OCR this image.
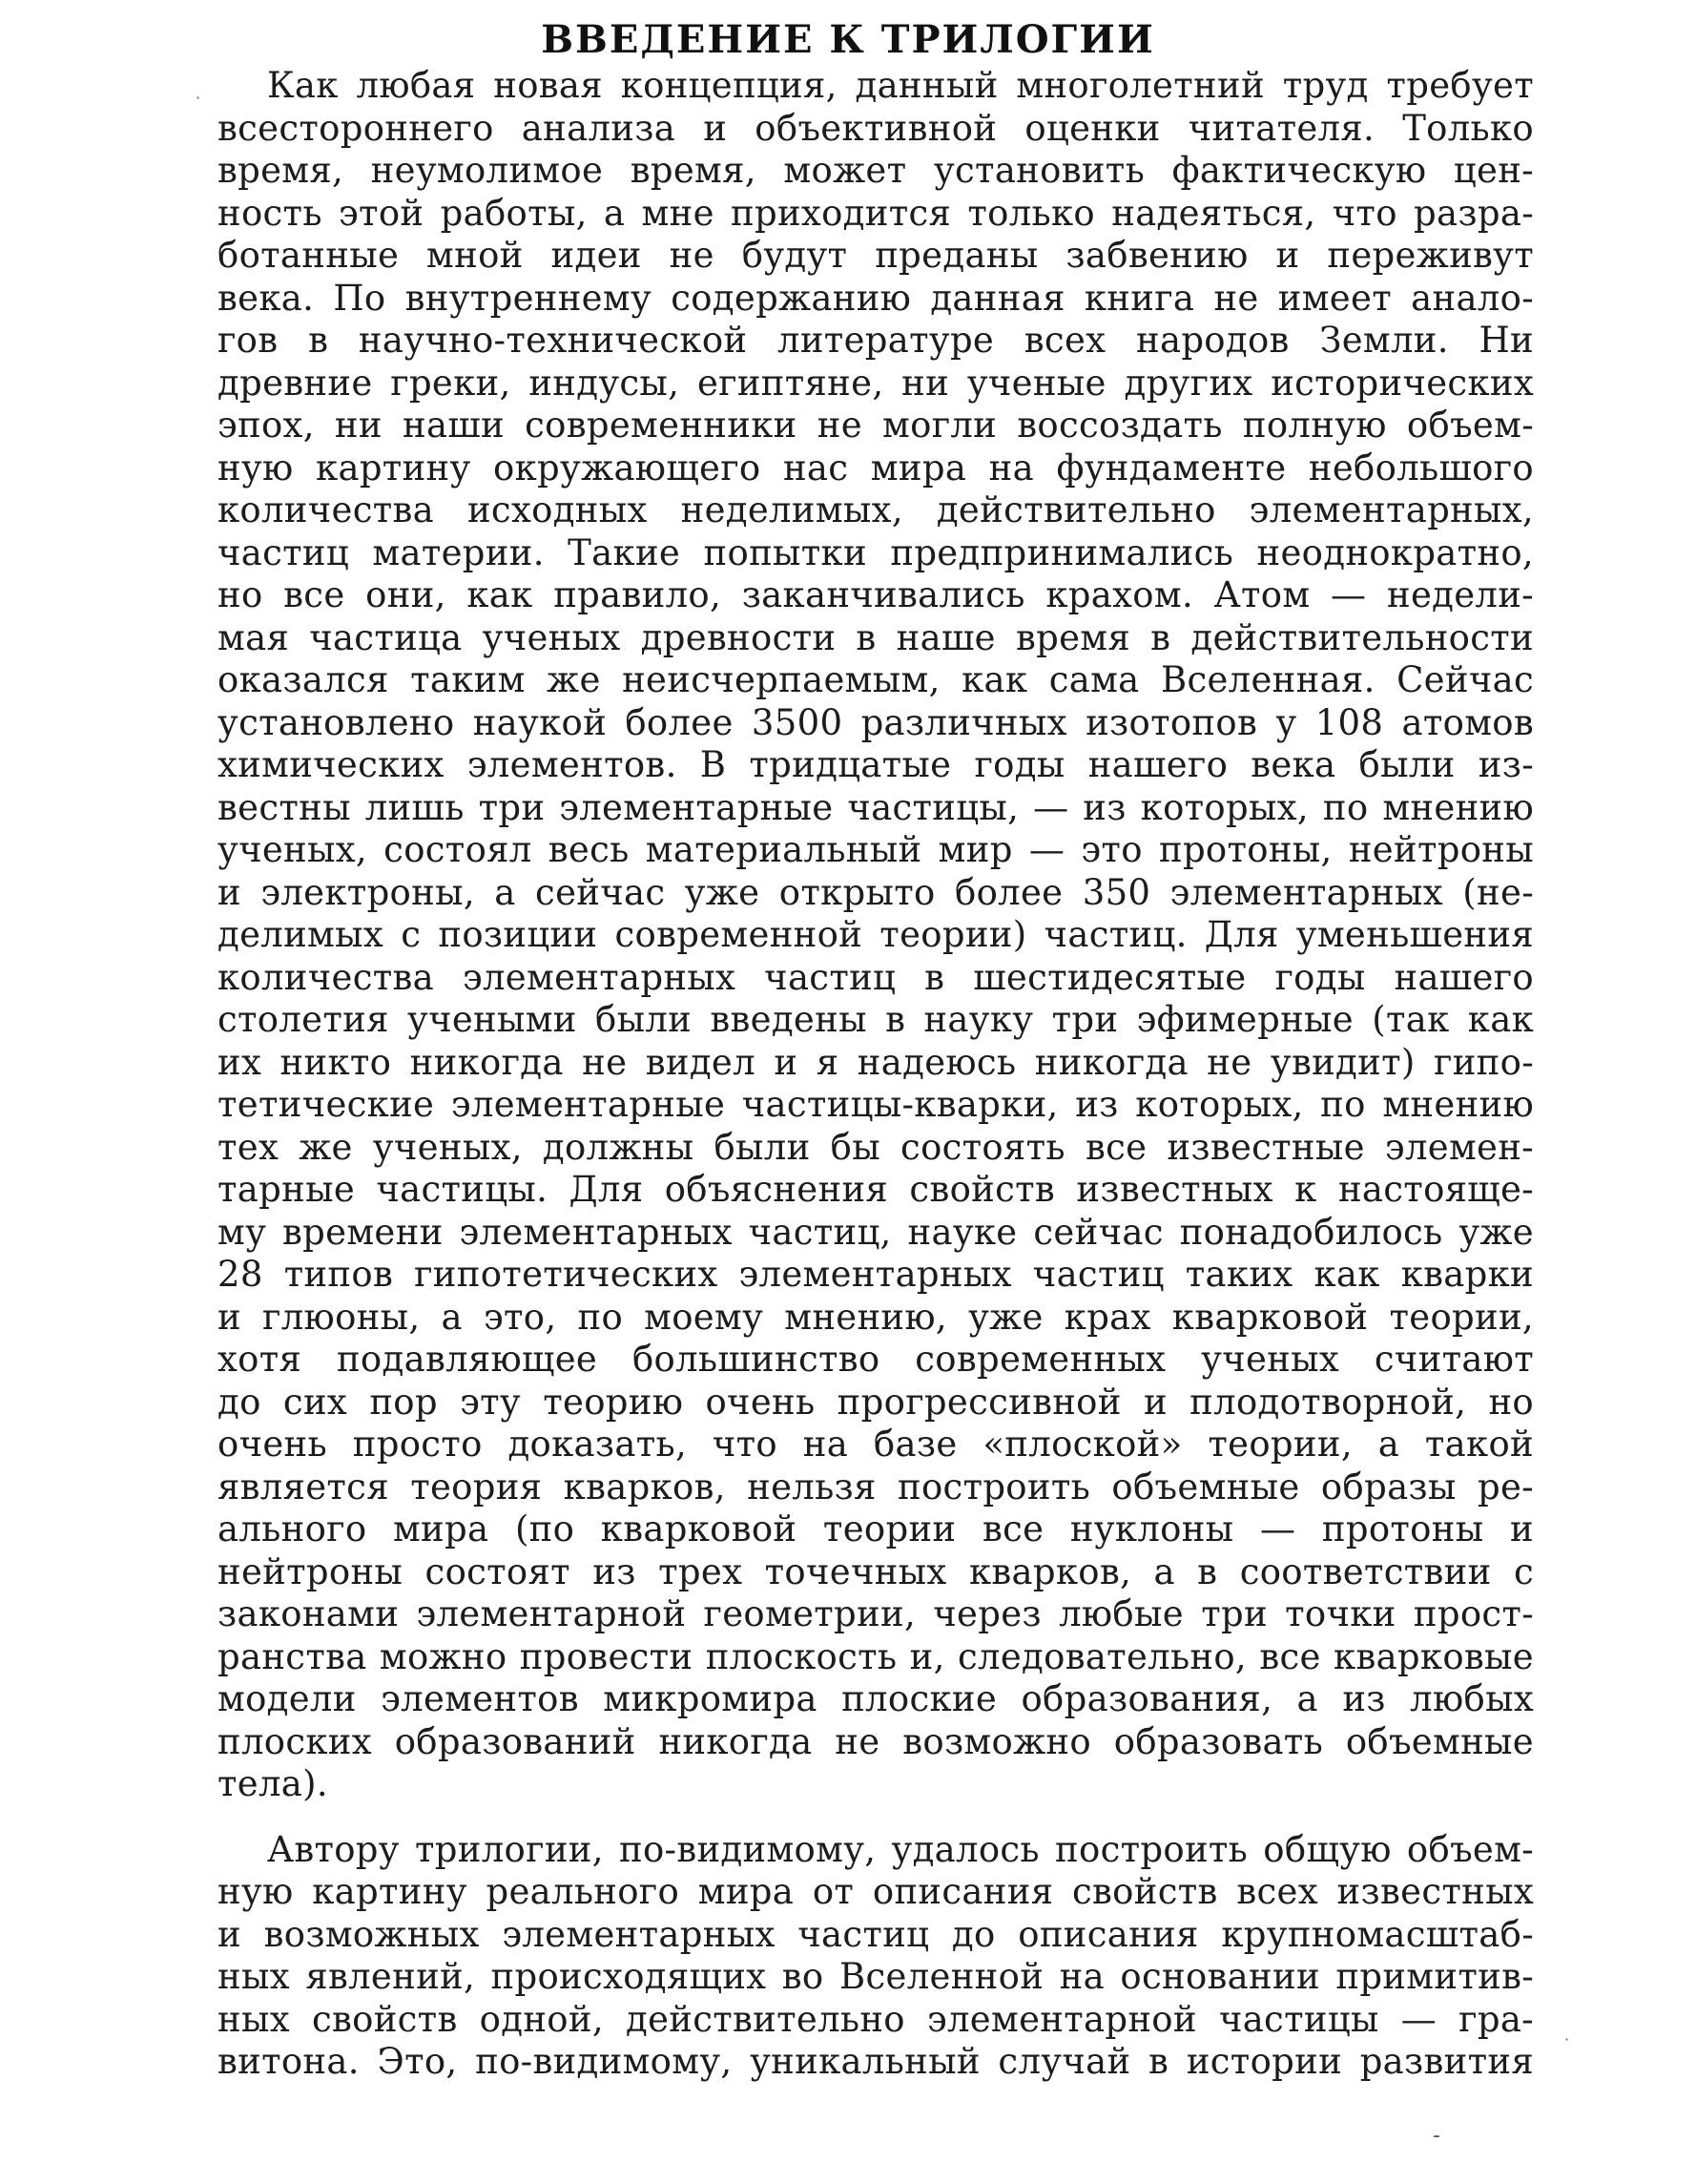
ВВЕДЕНИЕ К ТРИЛОГИИ
Как любая новая концепция, данный многолетний труд требует
всестороннего анализа и объективной оценки читателя. Только
время, неумолимое время, может установить фактическую цен-
ность этой работы, а мне приходится только надеяться, что разра-
ботанные мной идеи не будут преданы забвению и переживут
века. По внутреннему содержанию данная книга не имеет анало-
гов в научно-технической литературе всех народов Земли. Ни
древние греки, индусы, египтяне, ни ученые других исторических
эпох, ни наши современники не могли воссоздать полную объем-
ную картину окружающего нас мира на фундаменте небольшого
количества исходных неделимых, действительно элементарных,
частиц материи. Такие попытки предпринимались неоднократно,
но все они, как правило, заканчивались крахом. Атом — недели-
мая частица ученых древности в наше время в действительности
оказался таким же неисчерпаемым, как сама Вселенная. Сейчас
установлено наукой более 3500 различных изотопов у 108 атомов
химических элементов. В тридцатые годы нашего века были из-
вестны лишь три элементарные частицы, — из которых, по мнению
ученых, состоял весь материальный мир — это протоны, нейтроны
и электроны, а сейчас уже открыто более 350 элементарных (не-
делимых с позиции современной теории) частиц. Для уменьшения
количества элементарных частиц в шестидесятые годы нашего
столетия учеными были введены в науку три эфимерные (так как
их никто никогда не видел и я надеюсь никогда не увидит) гипо-
тетические элементарные частицы-кварки, из которых, по мнению
тех же ученых, должны были бы состоять все известные элемен-
тарные частицы. Для объяснения свойств известных к настояще-
му времени элементарных частиц, науке сейчас понадобилось уже
28 типов гипотетических элементарных частиц таких как кварки
и глюоны, а это, по моему мнению, уже крах кварковой теории,
хотя подавляющее большинство современных ученых считают
до сих пор эту теорию очень прогрессивной и плодотворной, но
очень просто доказать, что на базе «плоской» теории, а такой
является теория кварков, нельзя построить объемные образы ре-
ального мира (по кварковой теории все нуклоны — протоны и
нейтроны состоят из трех точечных кварков, а в соответствии с
законами элементарной геометрии, через любые три точки прост-
ранства можно провести плоскость и, следовательно, все кварковые
модели элементов микромира плоские образования, а из любых
плоских образований никогда не возможно образовать объемные
тела).
Автору трилогии, по-видимому, удалось построить общую объем-
ную картину реального мира от описания свойств всех известных
и возможных элементарных частиц до описания крупномасштаб-
ных явлений, происходящих во Вселенной на основании примитив-
ных свойств одной, действительно элементарной частицы — гра-
витона. Это, по-видимому, уникальный случай в истории развития
·
·
-
